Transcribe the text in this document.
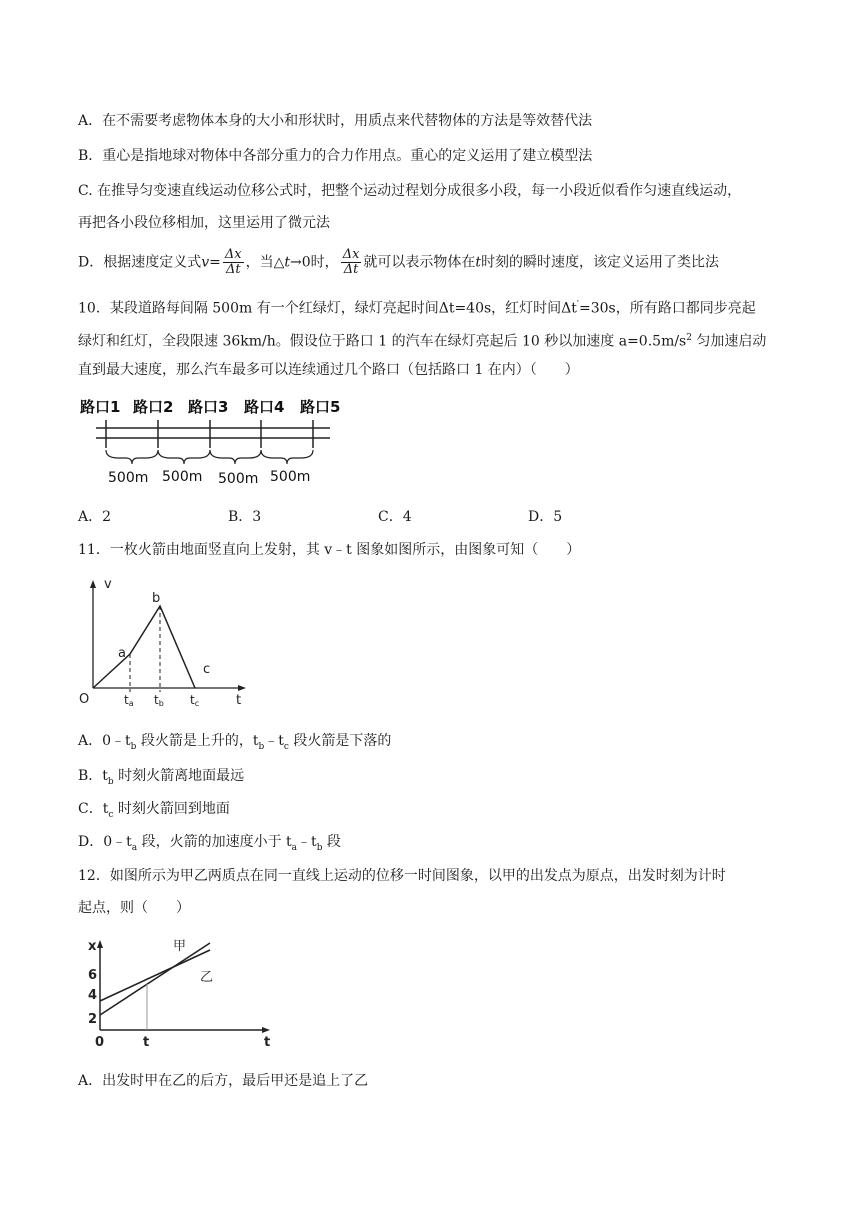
A．在不需要考虑物体本身的大小和形状时，用质点来代替物体的方法是等效替代法
B．重心是指地球对物体中各部分重力的合力作用点。重心的定义运用了建立模型法
C. 在推导匀变速直线运动位移公式时，把整个运动过程划分成很多小段，每一小段近似看作匀速直线运动，
再把各小段位移相加，这里运用了微元法
D．根据速度定义式$v= \frac{\Delta x}{\Delta t}$ ，当△t→0时， $\frac{\Delta x}{\Delta t}$ 就可以表示物体在t时刻的瞬时速度，该定义运用了类比法
10．某段道路每间隔 500m 有一个红绿灯，绿灯亮起时间Δt=40s，红灯时间Δt′=30s，所有路口都同步亮起
绿灯和红灯，全段限速 36km/h。假设位于路口 1 的汽车在绿灯亮起后 10 秒以加速度 $a=0.5m/s^2$ 匀加速启动
直到最大速度，那么汽车最多可以连续通过几个路口（包括路口 1 在内）（　　）
路口1 路口2 路口3 路口4 路口5
500m 500m 500m 500m
A．2	B．3	C．4	D．5
11．一枚火箭由地面竖直向上发射，其 v﹣t 图象如图所示，由图象可知（　　）
v
O	t
a
b
c
ta tb tc
A．$0﹣t_b$ 段火箭是上升的，$t_b﹣t_c$ 段火箭是下落的
B．$t_b$ 时刻火箭离地面最远
C．$t_c$ 时刻火箭回到地面
D．$0﹣t_a$ 段，火箭的加速度小于 $t_a﹣t_b$ 段
12．如图所示为甲乙两质点在同一直线上运动的位移一时间图象，以甲的出发点为原点，出发时刻为计时
起点，则（　　）
x
6
4
2
0	t	t
甲
乙
A．出发时甲在乙的后方，最后甲还是追上了乙
